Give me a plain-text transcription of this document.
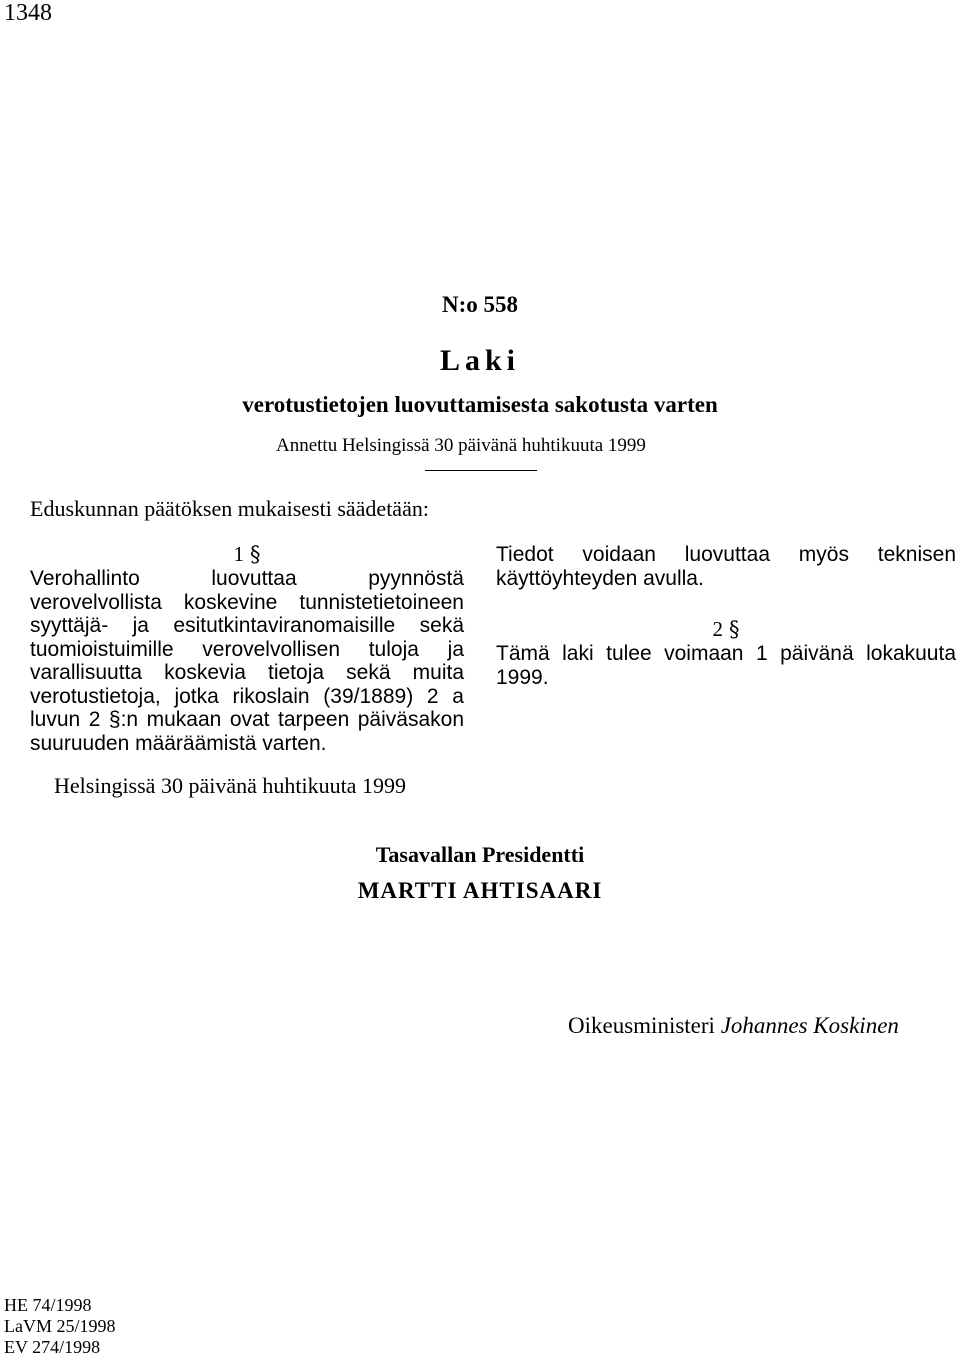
1348
N:o 558
Laki
verotustietojen luovuttamisesta sakotusta varten
Annettu Helsingissä 30 päivänä huhtikuuta 1999
Eduskunnan päätöksen mukaisesti säädetään:
1 §
Verohallinto luovuttaa pyynnöstä verovelvollista koskevine tunnistetietoineen syyttäjä- ja esitutkintaviranomaisille sekä tuomioistuimille verovelvollisen tuloja ja varallisuutta koskevia tietoja sekä muita verotustietoja, jotka rikoslain (39/1889) 2 a luvun 2 §:n mukaan ovat tarpeen päiväsakon suuruuden määräämistä varten.
Tiedot voidaan luovuttaa myös teknisen käyttöyhteyden avulla.
2 §
Tämä laki tulee voimaan 1 päivänä lokakuuta 1999.
Helsingissä 30 päivänä huhtikuuta 1999
Tasavallan Presidentti
MARTTI AHTISAARI
Oikeusministeri Johannes Koskinen
HE 74/1998
LaVM 25/1998
EV 274/1998
